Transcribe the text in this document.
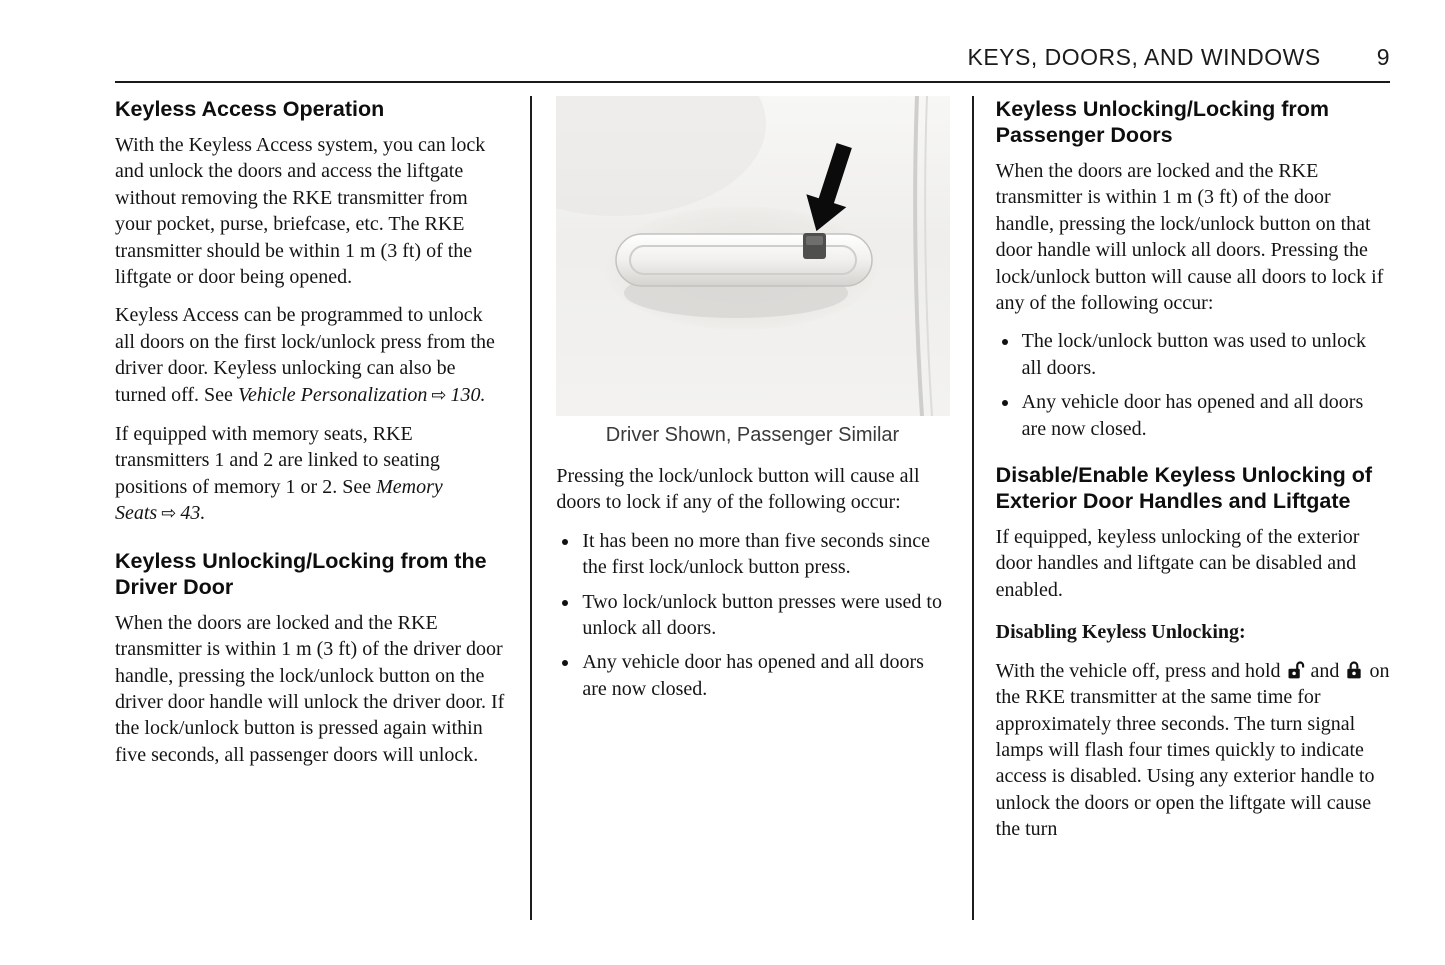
KEYS, DOORS, AND WINDOWS 9
Keyless Access Operation

With the Keyless Access system, you can lock and unlock the doors and access the liftgate without removing the RKE transmitter from your pocket, purse, briefcase, etc. The RKE transmitter should be within 1 m (3 ft) of the liftgate or door being opened.

Keyless Access can be programmed to unlock all doors on the first lock/unlock press from the driver door. Keyless unlocking can also be turned off. See Vehicle Personalization ⇨ 130.

If equipped with memory seats, RKE transmitters 1 and 2 are linked to seating positions of memory 1 or 2. See Memory Seats ⇨ 43.

Keyless Unlocking/Locking from the Driver Door

When the doors are locked and the RKE transmitter is within 1 m (3 ft) of the driver door handle, pressing the lock/unlock button on the driver door handle will unlock the driver door. If the lock/unlock button is pressed again within five seconds, all passenger doors will unlock.

Driver Shown, Passenger Similar

Pressing the lock/unlock button will cause all doors to lock if any of the following occur:

• It has been no more than five seconds since the first lock/unlock button press.
• Two lock/unlock button presses were used to unlock all doors.
• Any vehicle door has opened and all doors are now closed.
Keyless Unlocking/Locking from Passenger Doors

When the doors are locked and the RKE transmitter is within 1 m (3 ft) of the door handle, pressing the lock/unlock button on that door handle will unlock all doors. Pressing the lock/unlock button will cause all doors to lock if any of the following occur:

• The lock/unlock button was used to unlock all doors.
• Any vehicle door has opened and all doors are now closed.
Disable/Enable Keyless Unlocking of Exterior Door Handles and Liftgate

If equipped, keyless unlocking of the exterior door handles and liftgate can be disabled and enabled.

Disabling Keyless Unlocking:

With the vehicle off, press and hold  and  on the RKE transmitter at the same time for approximately three seconds. The turn signal lamps will flash four times quickly to indicate access is disabled. Using any exterior handle to unlock the doors or open the liftgate will cause the turn
